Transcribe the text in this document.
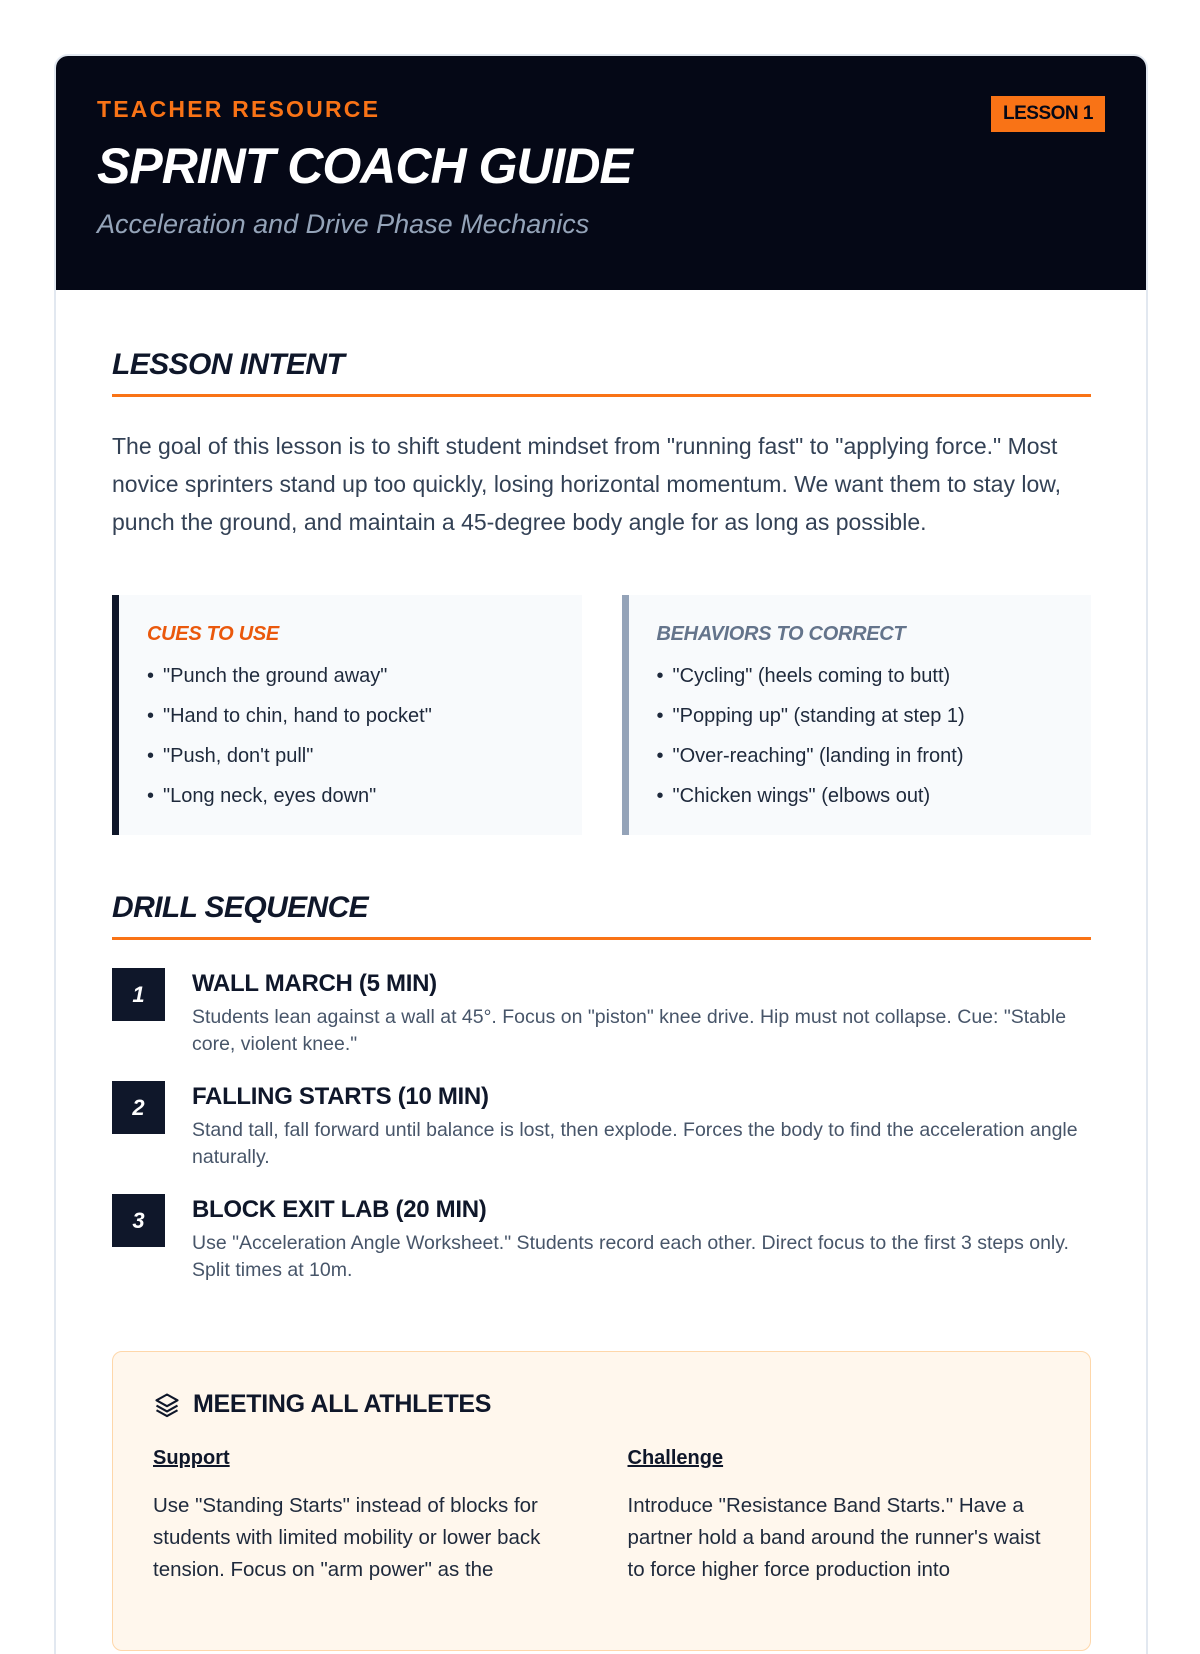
TEACHER RESOURCE	LESSON 1
SPRINT COACH GUIDE
Acceleration and Drive Phase Mechanics
LESSON INTENT

The goal of this lesson is to shift student mindset from "running fast" to "applying force." Most novice sprinters stand up too quickly, losing horizontal momentum. We want them to stay low, punch the ground, and maintain a 45-degree body angle for as long as possible.

CUES TO USE
• "Punch the ground away"
• "Hand to chin, hand to pocket"
• "Push, don't pull"
• "Long neck, eyes down"
BEHAVIORS TO CORRECT
• "Cycling" (heels coming to butt)
• "Popping up" (standing at step 1)
• "Over-reaching" (landing in front)
• "Chicken wings" (elbows out)
DRILL SEQUENCE
1	WALL MARCH (5 MIN)
Students lean against a wall at 45°. Focus on "piston" knee drive. Hip must not collapse. Cue: "Stable core, violent knee."
2	FALLING STARTS (10 MIN)
Stand tall, fall forward until balance is lost, then explode. Forces the body to find the acceleration angle naturally.
3	BLOCK EXIT LAB (20 MIN)
Use "Acceleration Angle Worksheet." Students record each other. Direct focus to the first 3 steps only. Split times at 10m.
MEETING ALL ATHLETES
Support

Use "Standing Starts" instead of blocks for students with limited mobility or lower back tension. Focus on "arm power" as the

Challenge

Introduce "Resistance Band Starts." Have a partner hold a band around the runner's waist to force higher force production into
